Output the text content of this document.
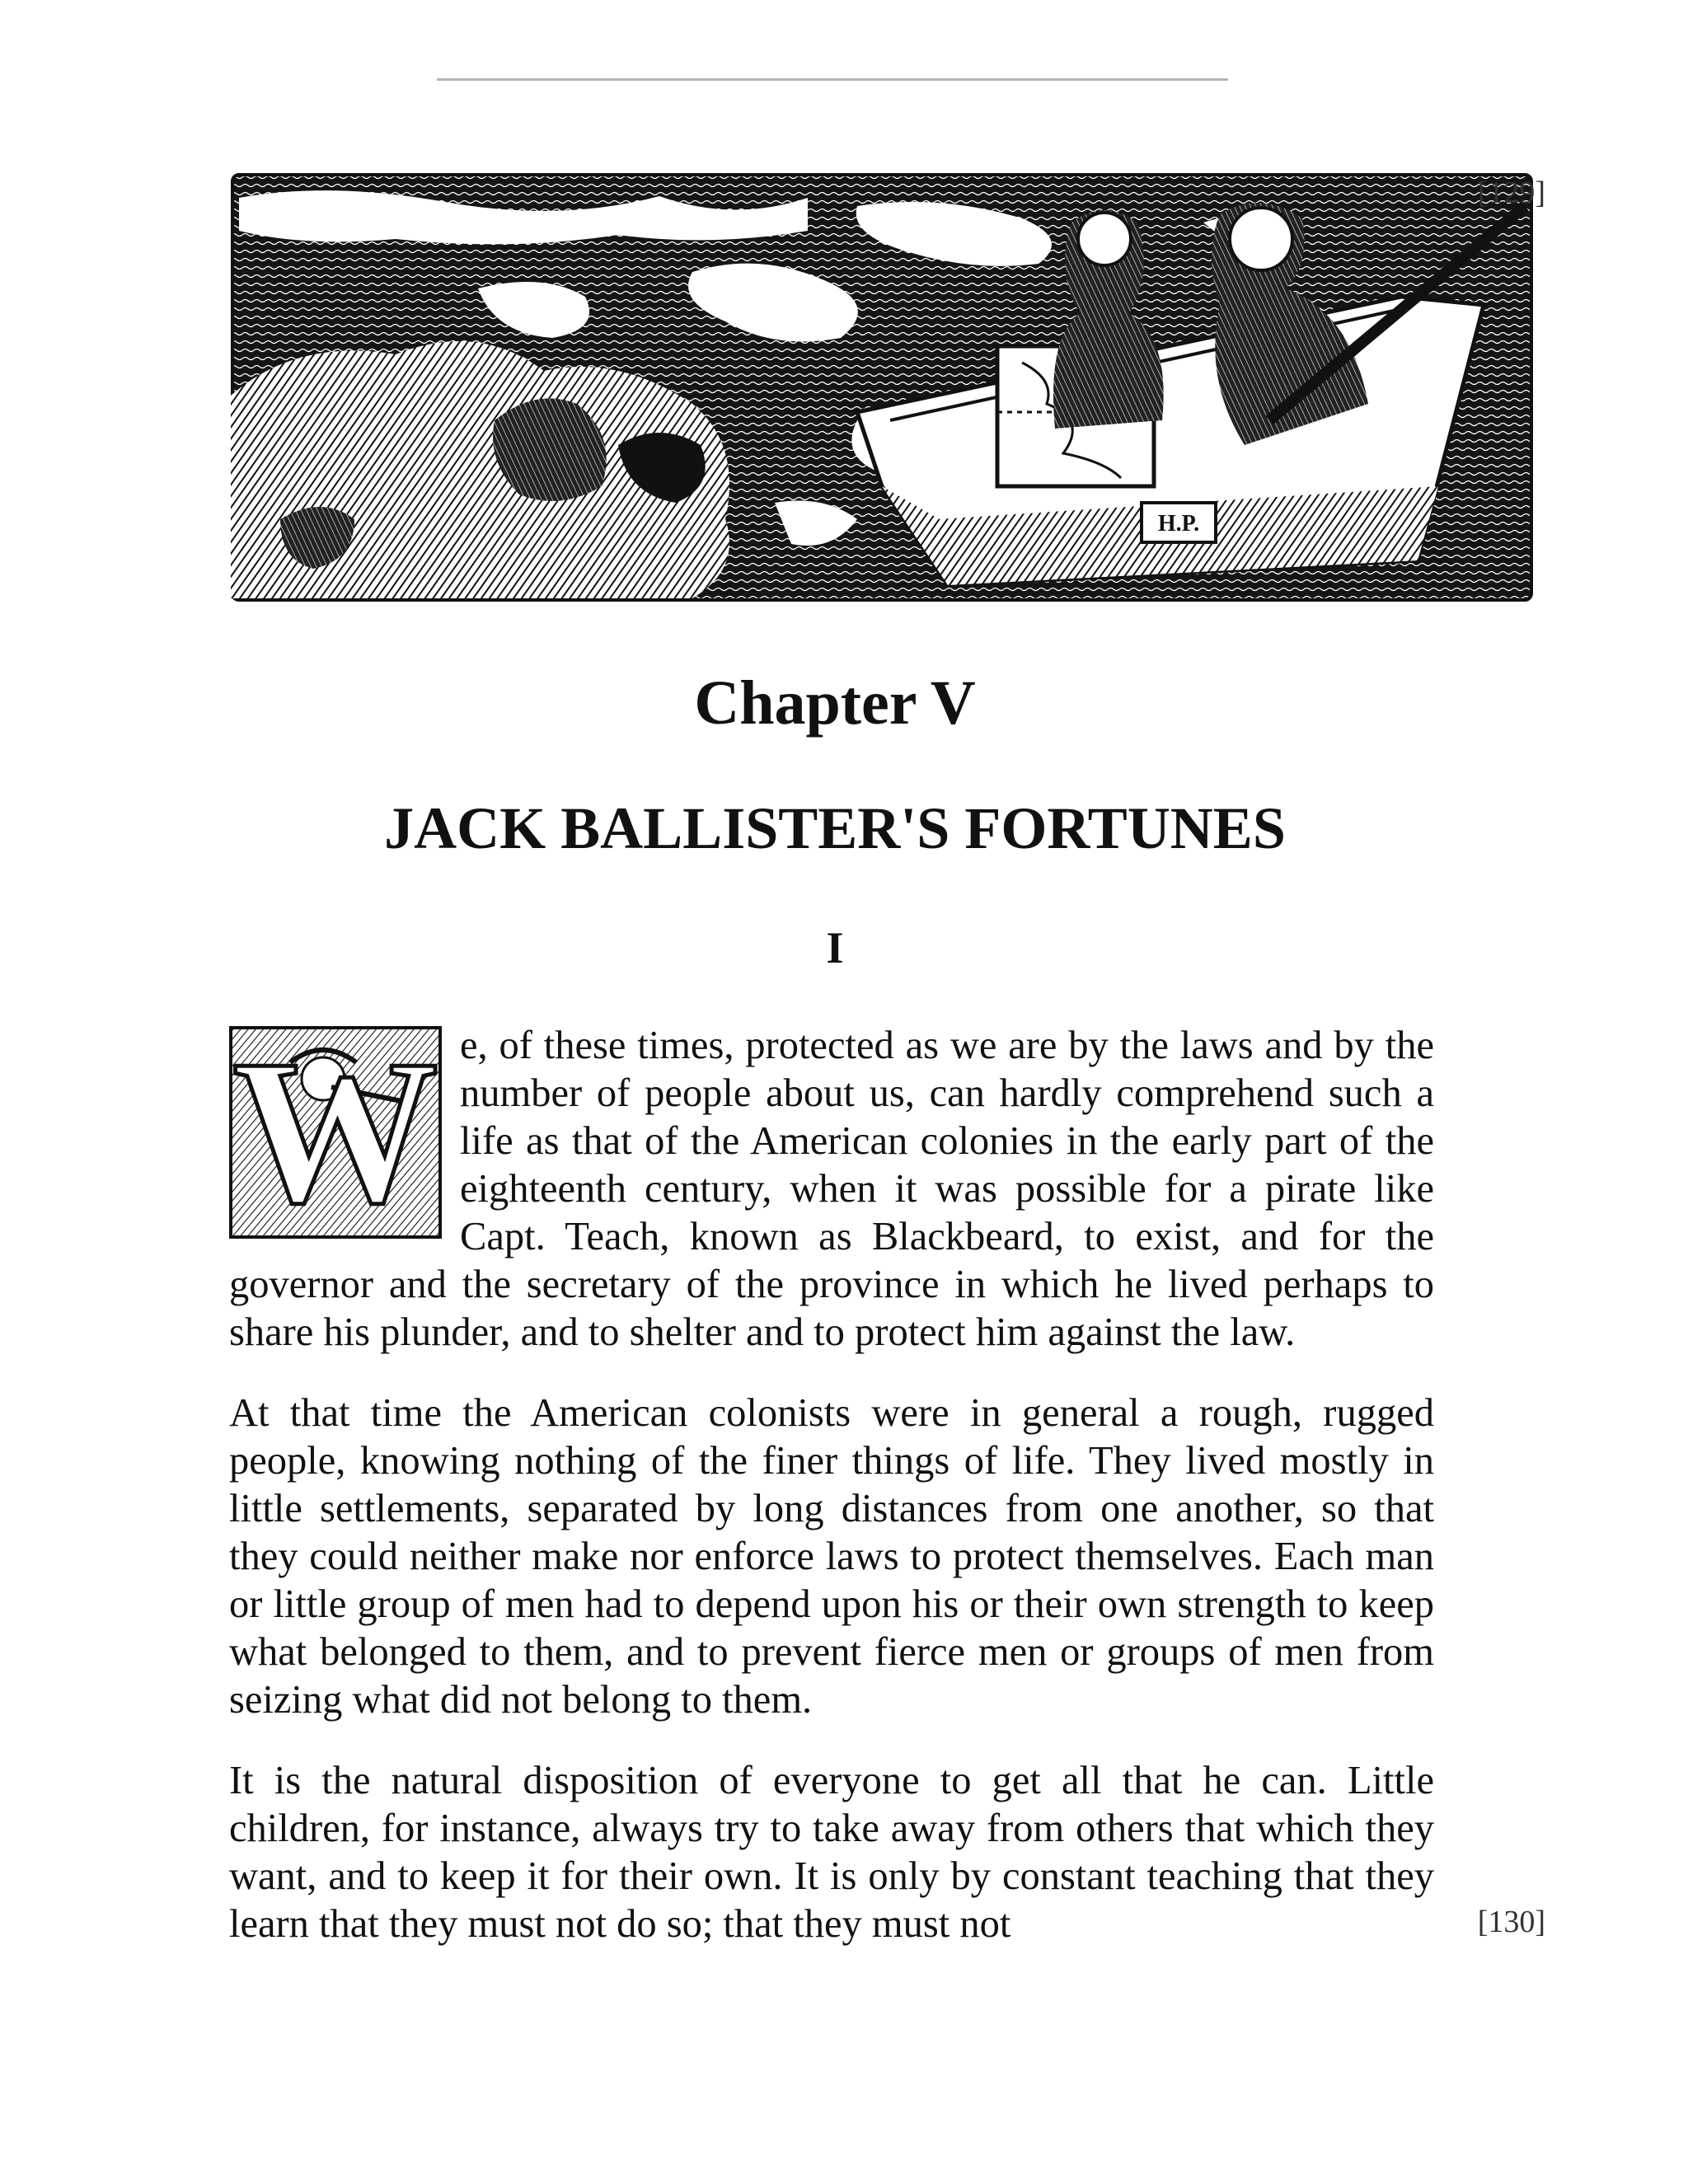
H.P.
[129]
Chapter V
JACK BALLISTER'S FORTUNES
I

W e, of these times, protected as we are by the laws and by the number of people about us, can hardly comprehend such a life as that of the American colonies in the early part of the eighteenth century, when it was possible for a pirate like Capt. Teach, known as Blackbeard, to exist, and for the governor and the secretary of the province in which he lived perhaps to share his plunder, and to shelter and to protect him against the law.

At that time the American colonists were in general a rough, rugged people, knowing nothing of the finer things of life. They lived mostly in little settlements, separated by long distances from one another, so that they could neither make nor enforce laws to protect themselves. Each man or little group of men had to depend upon his or their own strength to keep what belonged to them, and to prevent fierce men or groups of men from seizing what did not belong to them.

It is the natural disposition of everyone to get all that he can. Little children, for instance, always try to take away from others that which they want, and to keep it for their own. It is only by constant teaching that they learn that they must not do so; that they must not	[130]
